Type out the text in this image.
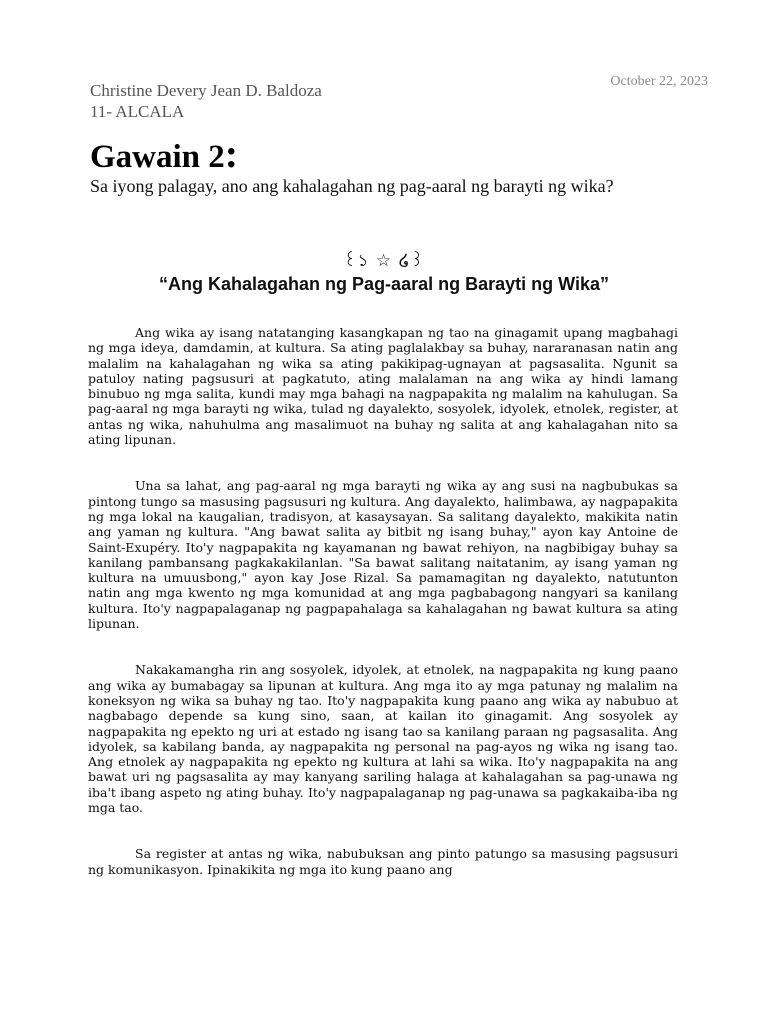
October 22, 2023
Christine Devery Jean D. Baldoza
11- ALCALA
Gawain 2:
Sa iyong palagay, ano ang kahalagahan ng pag-aaral ng barayti ng wika?
꒰১ ☆ ໒꒱
“Ang Kahalagahan ng Pag-aaral ng Barayti ng Wika”

Ang wika ay isang natatanging kasangkapan ng tao na ginagamit upang magbahagi ng mga ideya, damdamin, at kultura. Sa ating paglalakbay sa buhay, nararanasan natin ang malalim na kahalagahan ng wika sa ating pakikipag-ugnayan at pagsasalita. Ngunit sa patuloy nating pagsusuri at pagkatuto, ating malalaman na ang wika ay hindi lamang binubuo ng mga salita, kundi may mga bahagi na nagpapakita ng malalim na kahulugan. Sa pag-aaral ng mga barayti ng wika, tulad ng dayalekto, sosyolek, idyolek, etnolek, register, at antas ng wika, nahuhulma ang masalimuot na buhay ng salita at ang kahalagahan nito sa ating lipunan.

Una sa lahat, ang pag-aaral ng mga barayti ng wika ay ang susi na nagbubukas sa pintong tungo sa masusing pagsusuri ng kultura. Ang dayalekto, halimbawa, ay nagpapakita ng mga lokal na kaugalian, tradisyon, at kasaysayan. Sa salitang dayalekto, makikita natin ang yaman ng kultura. "Ang bawat salita ay bitbit ng isang buhay," ayon kay Antoine de Saint-Exupéry. Ito'y nagpapakita ng kayamanan ng bawat rehiyon, na nagbibigay buhay sa kanilang pambansang pagkakakilanlan. "Sa bawat salitang naitatanim, ay isang yaman ng kultura na umuusbong," ayon kay Jose Rizal. Sa pamamagitan ng dayalekto, natutunton natin ang mga kwento ng mga komunidad at ang mga pagbabagong nangyari sa kanilang kultura. Ito'y nagpapalaganap ng pagpapahalaga sa kahalagahan ng bawat kultura sa ating lipunan.

Nakakamangha rin ang sosyolek, idyolek, at etnolek, na nagpapakita ng kung paano ang wika ay bumabagay sa lipunan at kultura. Ang mga ito ay mga patunay ng malalim na koneksyon ng wika sa buhay ng tao. Ito'y nagpapakita kung paano ang wika ay nabubuo at nagbabago depende sa kung sino, saan, at kailan ito ginagamit. Ang sosyolek ay nagpapakita ng epekto ng uri at estado ng isang tao sa kanilang paraan ng pagsasalita. Ang idyolek, sa kabilang banda, ay nagpapakita ng personal na pag-ayos ng wika ng isang tao. Ang etnolek ay nagpapakita ng epekto ng kultura at lahi sa wika. Ito'y nagpapakita na ang bawat uri ng pagsasalita ay may kanyang sariling halaga at kahalagahan sa pag-unawa ng iba't ibang aspeto ng ating buhay. Ito'y nagpapalaganap ng pag-unawa sa pagkakaiba-iba ng mga tao.

Sa register at antas ng wika, nabubuksan ang pinto patungo sa masusing pagsusuri ng komunikasyon. Ipinakikita ng mga ito kung paano ang
